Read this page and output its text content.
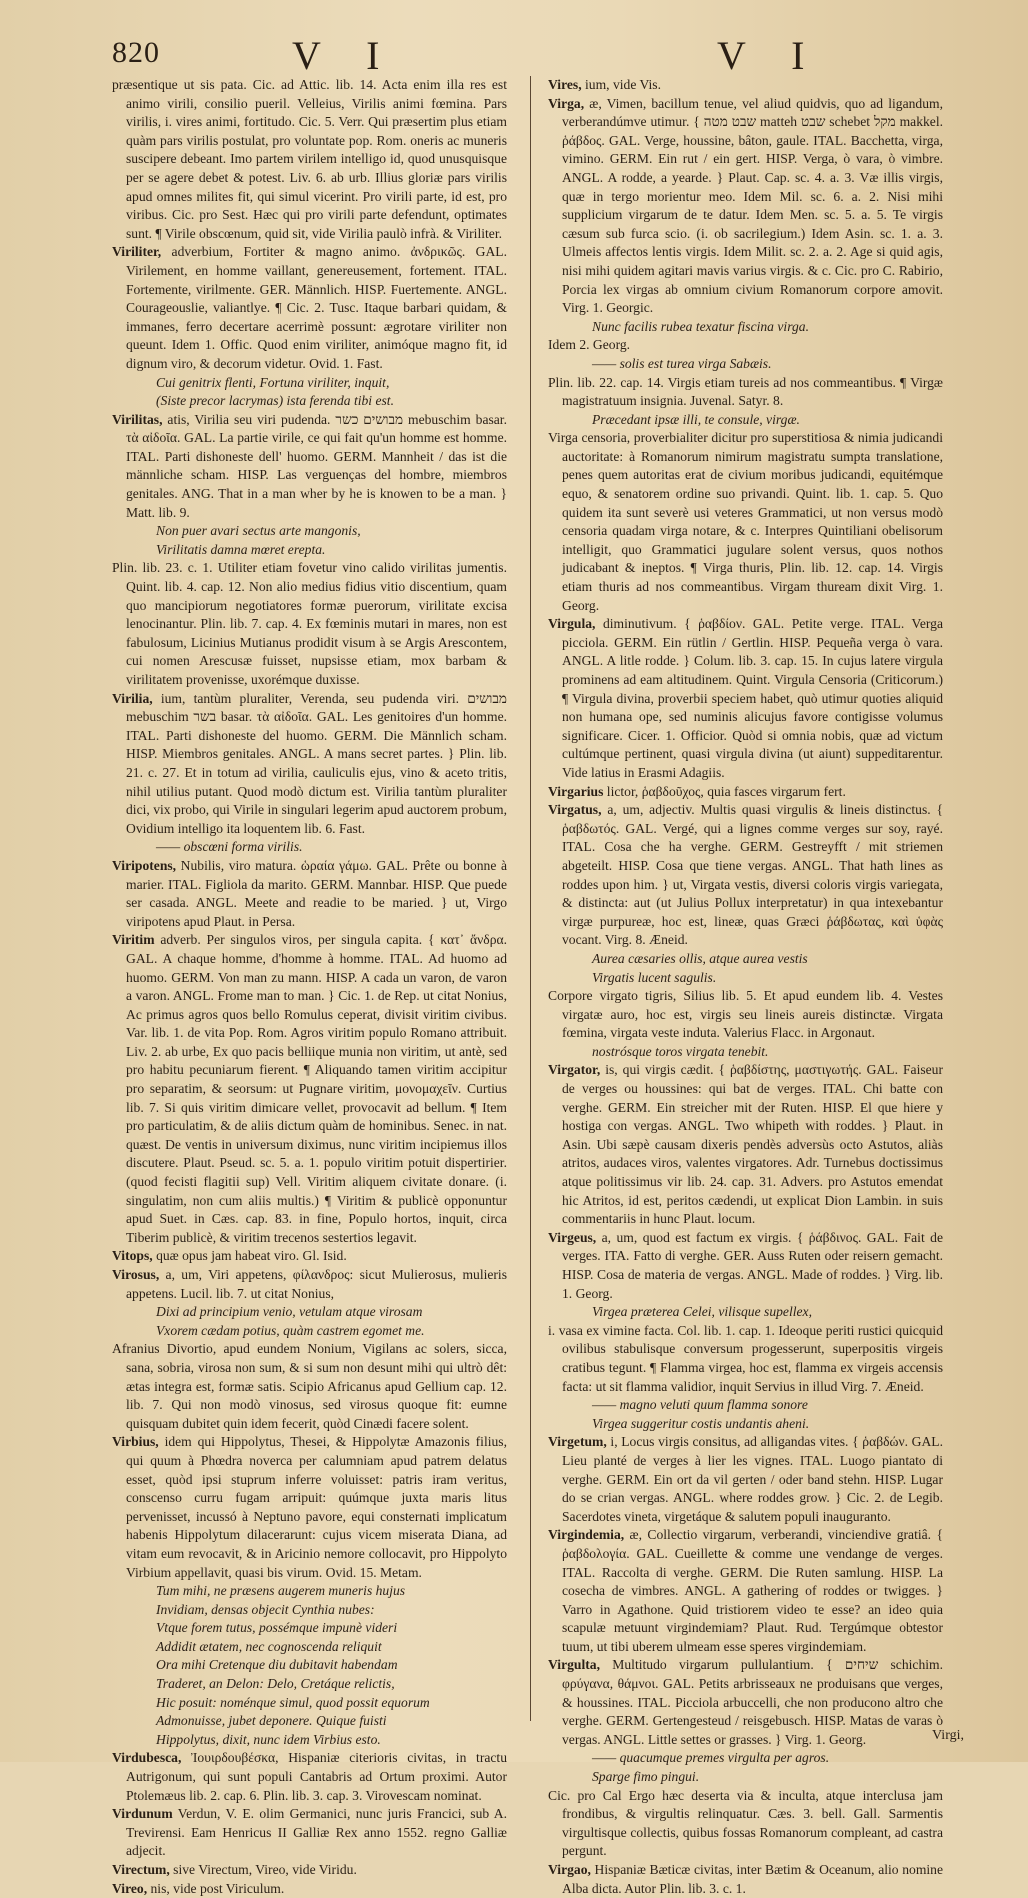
820	V I	V I

præsentique ut sis pata. Cic. ad Attic. lib. 14. Acta enim illa res est animo virili, consilio pueril. Velleius, Virilis animi fœmina. Pars virilis, i. vires animi, fortitudo. Cic. 5. Verr. Qui præsertim plus etiam quàm pars virilis postulat, pro voluntate pop. Rom. oneris ac muneris suscipere debeant. Imo partem virilem intelligo id, quod unusquisque per se agere debet & potest. Liv. 6. ab urb. Illius gloriæ pars virilis apud omnes milites fit, qui simul vicerint. Pro virili parte, id est, pro viribus. Cic. pro Sest. Hæc qui pro virili parte defendunt, optimates sunt. ¶ Virile obscœnum, quid sit, vide Virilia paulò infrà. & Viriliter.

Viriliter, adverbium, Fortiter & magno animo. ἀνδρικῶς. GAL. Virilement, en homme vaillant, genereusement, fortement. ITAL. Fortemente, virilmente. GER. Männlich. HISP. Fuertemente. ANGL. Courageouslie, valiantlye. ¶ Cic. 2. Tusc. Itaque barbari quidam, & immanes, ferro decertare acerrimè possunt: ægrotare viriliter non queunt. Idem 1. Offic. Quod enim viriliter, animóque magno fit, id dignum viro, & decorum videtur. Ovid. 1. Fast.

Cui genitrix flenti, Fortuna viriliter, inquit,

(Siste precor lacrymas) ista ferenda tibi est.

Virilitas, atis, Virilia seu viri pudenda. מבושים כשר mebuschim basar. τὰ αἰδοῖα. GAL. La partie virile, ce qui fait qu'un homme est homme. ITAL. Parti dishoneste dell' huomo. GERM. Mannheit / das ist die männliche scham. HISP. Las verguenças del hombre, miembros genitales. ANG. That in a man wher by he is knowen to be a man. } Matt. lib. 9.

Non puer avari sectus arte mangonis,

Virilitatis damna mœret erepta.

Plin. lib. 23. c. 1. Utiliter etiam fovetur vino calido virilitas jumentis. Quint. lib. 4. cap. 12. Non alio medius fidius vitio discentium, quam quo mancipiorum negotiatores formæ puerorum, virilitate excisa lenocinantur. Plin. lib. 7. cap. 4. Ex fœminis mutari in mares, non est fabulosum, Licinius Mutianus prodidit visum à se Argis Arescontem, cui nomen Arescusæ fuisset, nupsisse etiam, mox barbam & virilitatem provenisse, uxorémque duxisse.

Virilia, ium, tantùm pluraliter, Verenda, seu pudenda viri. מבושים mebuschim בשר basar. τὰ αἰδοῖα. GAL. Les genitoires d'un homme. ITAL. Parti dishoneste del huomo. GERM. Die Männlich scham. HISP. Miembros genitales. ANGL. A mans secret partes. } Plin. lib. 21. c. 27. Et in totum ad virilia, cauliculis ejus, vino & aceto tritis, nihil utilius putant. Quod modò dictum est. Virilia tantùm pluraliter dici, vix probo, qui Virile in singulari legerim apud auctorem probum, Ovidium intelligo ita loquentem lib. 6. Fast.

—— obscœni forma virilis.

Viripotens, Nubilis, viro matura. ὡραία γάμω. GAL. Prête ou bonne à marier. ITAL. Figliola da marito. GERM. Mannbar. HISP. Que puede ser casada. ANGL. Meete and readie to be maried. } ut, Virgo viripotens apud Plaut. in Persa.

Viritim adverb. Per singulos viros, per singula capita. { κατ᾽ ἄνδρα. GAL. A chaque homme, d'homme à homme. ITAL. Ad huomo ad huomo. GERM. Von man zu mann. HISP. A cada un varon, de varon a varon. ANGL. Frome man to man. } Cic. 1. de Rep. ut citat Nonius, Ac primus agros quos bello Romulus ceperat, divisit viritim civibus. Var. lib. 1. de vita Pop. Rom. Agros viritim populo Romano attribuit. Liv. 2. ab urbe, Ex quo pacis belliique munia non viritim, ut antè, sed pro habitu pecuniarum fierent. ¶ Aliquando tamen viritim accipitur pro separatim, & seorsum: ut Pugnare viritim, μονομαχεῖν. Curtius lib. 7. Si quis viritim dimicare vellet, provocavit ad bellum. ¶ Item pro particulatim, & de aliis dictum quàm de hominibus. Senec. in nat. quæst. De ventis in universum diximus, nunc viritim incipiemus illos discutere. Plaut. Pseud. sc. 5. a. 1. populo viritim potuit dispertirier. (quod fecisti flagitii sup) Vell. Viritim aliquem civitate donare. (i. singulatim, non cum aliis multis.) ¶ Viritim & publicè opponuntur apud Suet. in Cæs. cap. 83. in fine, Populo hortos, inquit, circa Tiberim publicè, & viritim trecenos sestertios legavit.

Vitops, quæ opus jam habeat viro. Gl. Isid.

Virosus, a, um, Viri appetens, φίλανδρος: sicut Mulierosus, mulieris appetens. Lucil. lib. 7. ut citat Nonius,

Dixi ad principium venio, vetulam atque virosam

Vxorem cædam potius, quàm castrem egomet me.

Afranius Divortio, apud eundem Nonium, Vigilans ac solers, sicca, sana, sobria, virosa non sum, & si sum non desunt mihi qui ultrò dêt: ætas integra est, formæ satis. Scipio Africanus apud Gellium cap. 12. lib. 7. Qui non modò vinosus, sed virosus quoque fit: eumne quisquam dubitet quin idem fecerit, quòd Cinædi facere solent.

Virbius, idem qui Hippolytus, Thesei, & Hippolytæ Amazonis filius, qui quum à Phœdra noverca per calumniam apud patrem delatus esset, quòd ipsi stuprum inferre voluisset: patris iram veritus, conscenso curru fugam arripuit: quúmque juxta maris litus pervenisset, incussó à Neptuno pavore, equi consternati implicatum habenis Hippolytum dilacerarunt: cujus vicem miserata Diana, ad vitam eum revocavit, & in Aricinio nemore collocavit, pro Hippolyto Virbium appellavit, quasi bis virum. Ovid. 15. Metam.

Tum mihi, ne præsens augerem muneris hujus

Invidiam, densas objecit Cynthia nubes:

Vtque forem tutus, possémque impunè videri

Addidit ætatem, nec cognoscenda reliquit

Ora mihi Cretenque diu dubitavit habendam

Traderet, an Delon: Delo, Cretáque relictis,

Hic posuit: noménque simul, quod possit equorum

Admonuisse, jubet deponere. Quique fuisti

Hippolytus, dixit, nunc idem Virbius esto.

Virdubesca, Ἰουιρδουβέσκα, Hispaniæ citerioris civitas, in tractu Autrigonum, qui sunt populi Cantabris ad Ortum proximi. Autor Ptolemæus lib. 2. cap. 6. Plin. lib. 3. cap. 3. Virovescam nominat.

Virdunum Verdun, V. E. olim Germanici, nunc juris Francici, sub A. Trevirensi. Eam Henricus II Galliæ Rex anno 1552. regno Galliæ adjecit.

Virectum, sive Virectum, Vireo, vide Viridu.

Vireo, nis, vide post Viriculum.

Vires, ium, vide Vis.

Virga, æ, Vimen, bacillum tenue, vel aliud quidvis, quo ad ligandum, verberandúmve utimur. { שבט מטה matteh שבט schebet מקל makkel. ῥάβδος. GAL. Verge, houssine, bâton, gaule. ITAL. Bacchetta, virga, vimino. GERM. Ein rut / ein gert. HISP. Verga, ò vara, ò vimbre. ANGL. A rodde, a yearde. } Plaut. Cap. sc. 4. a. 3. Væ illis virgis, quæ in tergo morientur meo. Idem Mil. sc. 6. a. 2. Nisi mihi supplicium virgarum de te datur. Idem Men. sc. 5. a. 5. Te virgis cæsum sub furca scio. (i. ob sacrilegium.) Idem Asin. sc. 1. a. 3. Ulmeis affectos lentis virgis. Idem Milit. sc. 2. a. 2. Age si quid agis, nisi mihi quidem agitari mavis varius virgis. & c. Cic. pro C. Rabirio, Porcia lex virgas ab omnium civium Romanorum corpore amovit. Virg. 1. Georgic.

Nunc facilis rubea texatur fiscina virga.

Idem 2. Georg.

—— solis est turea virga Sabæis.

Plin. lib. 22. cap. 14. Virgis etiam tureis ad nos commeantibus. ¶ Virgæ magistratuum insignia. Juvenal. Satyr. 8.

Præcedant ipsæ illi, te consule, virgæ.

Virga censoria, proverbialiter dicitur pro superstitiosa & nimia judicandi auctoritate: à Romanorum nimirum magistratu sumpta translatione, penes quem autoritas erat de civium moribus judicandi, equitémque equo, & senatorem ordine suo privandi. Quint. lib. 1. cap. 5. Quo quidem ita sunt severè usi veteres Grammatici, ut non versus modò censoria quadam virga notare, & c. Interpres Quintiliani obelisorum intelligit, quo Grammatici jugulare solent versus, quos nothos judicabant & ineptos. ¶ Virga thuris, Plin. lib. 12. cap. 14. Virgis etiam thuris ad nos commeantibus. Virgam thuream dixit Virg. 1. Georg.

Virgula, diminutivum. { ῥαβδίον. GAL. Petite verge. ITAL. Verga picciola. GERM. Ein rütlin / Gertlin. HISP. Pequeña verga ò vara. ANGL. A litle rodde. } Colum. lib. 3. cap. 15. In cujus latere virgula prominens ad eam altitudinem. Quint. Virgula Censoria (Criticorum.) ¶ Virgula divina, proverbii speciem habet, quò utimur quoties aliquid non humana ope, sed numinis alicujus favore contigisse volumus significare. Cicer. 1. Officior. Quòd si omnia nobis, quæ ad victum cultúmque pertinent, quasi virgula divina (ut aiunt) suppeditarentur. Vide latius in Erasmi Adagiis.

Virgarius lictor, ῥαβδοῦχος, quia fasces virgarum fert.

Virgatus, a, um, adjectiv. Multis quasi virgulis & lineis distinctus. { ῥαβδωτός. GAL. Vergé, qui a lignes comme verges sur soy, rayé. ITAL. Cosa che ha verghe. GERM. Gestreyfft / mit striemen abgeteilt. HISP. Cosa que tiene vergas. ANGL. That hath lines as roddes upon him. } ut, Virgata vestis, diversi coloris virgis variegata, & distincta: aut (ut Julius Pollux interpretatur) in qua intexebantur virgæ purpureæ, hoc est, lineæ, quas Græci ῥάβδωτας, καὶ ὑφὰς vocant. Virg. 8. Æneid.

Aurea cæsaries ollis, atque aurea vestis

Virgatis lucent sagulis.

Corpore virgato tigris, Silius lib. 5. Et apud eundem lib. 4. Vestes virgatæ auro, hoc est, virgis seu lineis aureis distinctæ. Virgata fœmina, virgata veste induta. Valerius Flacc. in Argonaut.

nostrósque toros virgata tenebit.

Virgator, is, qui virgis cædit. { ῥαβδίστης, μαστιγωτής. GAL. Faiseur de verges ou houssines: qui bat de verges. ITAL. Chi batte con verghe. GERM. Ein streicher mit der Ruten. HISP. El que hiere y hostiga con vergas. ANGL. Two whipeth with roddes. } Plaut. in Asin. Ubi sæpè causam dixeris pendès adversùs octo Astutos, aliàs atritos, audaces viros, valentes virgatores. Adr. Turnebus doctissimus atque politissimus vir lib. 24. cap. 31. Advers. pro Astutos emendat hic Atritos, id est, peritos cædendi, ut explicat Dion Lambin. in suis commentariis in hunc Plaut. locum.

Virgeus, a, um, quod est factum ex virgis. { ῥάβδινος. GAL. Fait de verges. ITA. Fatto di verghe. GER. Auss Ruten oder reisern gemacht. HISP. Cosa de materia de vergas. ANGL. Made of roddes. } Virg. lib. 1. Georg.

Virgea præterea Celei, vilisque supellex,

i. vasa ex vimine facta. Col. lib. 1. cap. 1. Ideoque periti rustici quicquid ovilibus stabulisque conversum progesserunt, superpositis virgeis cratibus tegunt. ¶ Flamma virgea, hoc est, flamma ex virgeis accensis facta: ut sit flamma validior, inquit Servius in illud Virg. 7. Æneid.

—— magno veluti quum flamma sonore

Virgea suggeritur costis undantis aheni.

Virgetum, i, Locus virgis consitus, ad alligandas vites. { ῥαβδών. GAL. Lieu planté de verges à lier les vignes. ITAL. Luogo piantato di verghe. GERM. Ein ort da vil gerten / oder band stehn. HISP. Lugar do se crian vergas. ANGL. where roddes grow. } Cic. 2. de Legib. Sacerdotes vineta, virgetáque & salutem populi inauguranto.

Virgindemia, æ, Collectio virgarum, verberandi, vinciendive gratiâ. { ῥαβδολογία. GAL. Cueillette & comme une vendange de verges. ITAL. Raccolta di verghe. GERM. Die Ruten samlung. HISP. La cosecha de vimbres. ANGL. A gathering of roddes or twigges. } Varro in Agathone. Quid tristiorem video te esse? an ideo quia scapulæ metuunt virgindemiam? Plaut. Rud. Tergúmque obtestor tuum, ut tibi uberem ulmeam esse speres virgindemiam.

Virgulta, Multitudo virgarum pullulantium. { שיחים schichim. φρύγανα, θάμνοι. GAL. Petits arbrisseaux ne produisans que verges, & houssines. ITAL. Picciola arbuccelli, che non producono altro che verghe. GERM. Gertengesteud / reisgebusch. HISP. Matas de varas ò vergas. ANGL. Little settes or grasses. } Virg. 1. Georg.

—— quacumque premes virgulta per agros.

Sparge fimo pingui.

Cic. pro Cal Ergo hæc deserta via & inculta, atque interclusa jam frondibus, & virgultis relinquatur. Cæs. 3. bell. Gall. Sarmentis virgultisque collectis, quibus fossas Romanorum compleant, ad castra pergunt.

Virgao, Hispaniæ Bæticæ civitas, inter Bætim & Oceanum, alio nomine Alba dicta. Autor Plin. lib. 3. c. 1.

Virgi,
